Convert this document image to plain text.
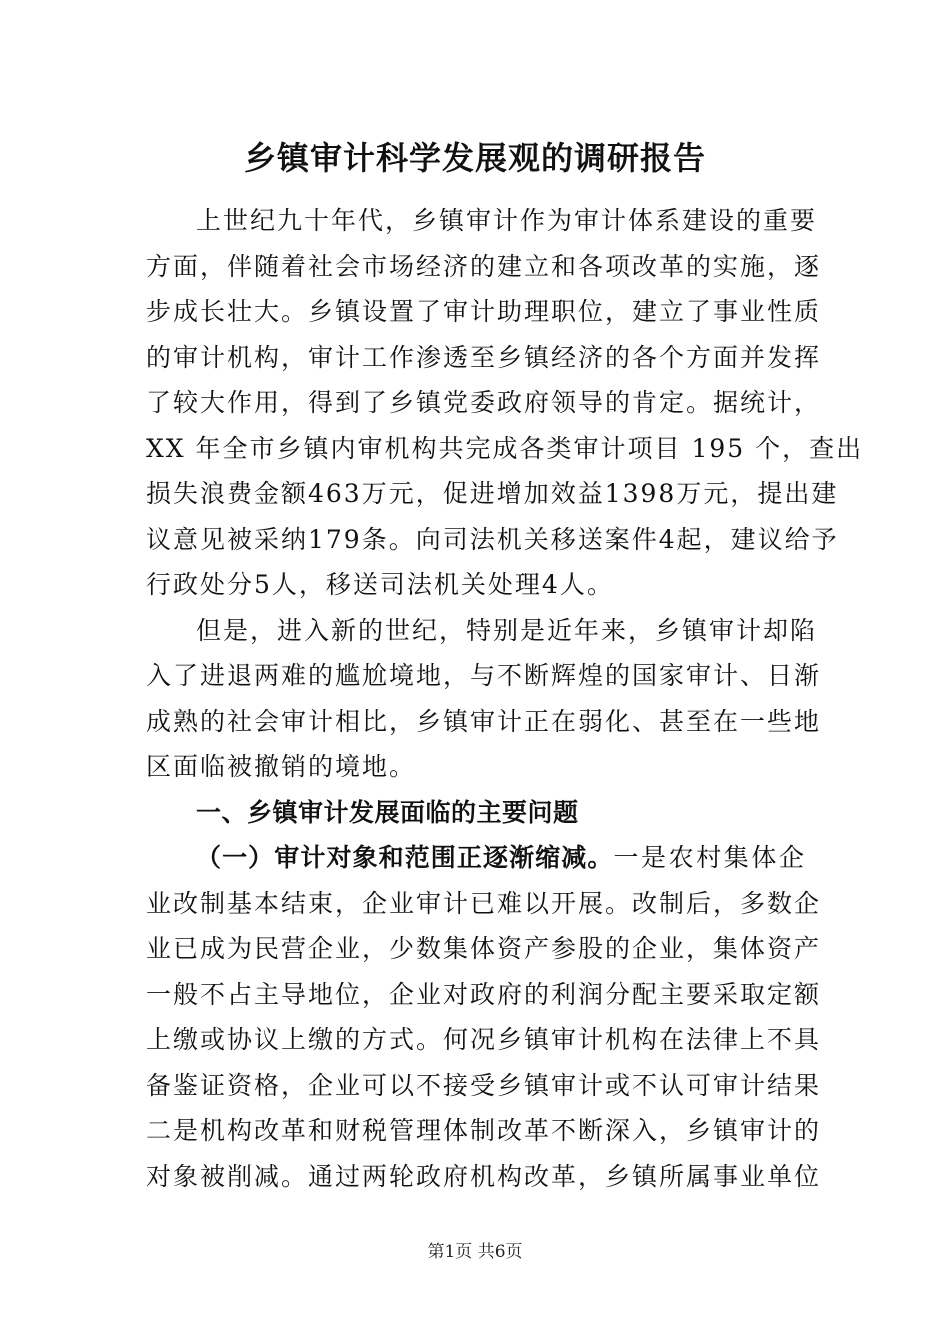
乡镇审计科学发展观的调研报告
上世纪九十年代，乡镇审计作为审计体系建设的重要
方面，伴随着社会市场经济的建立和各项改革的实施，逐
步成长壮大。乡镇设置了审计助理职位，建立了事业性质
的审计机构，审计工作渗透至乡镇经济的各个方面并发挥
了较大作用，得到了乡镇党委政府领导的肯定。据统计，
XX 年全市乡镇内审机构共完成各类审计项目 195 个，查出
损失浪费金额463万元，促进增加效益1398万元，提出建
议意见被采纳179条。向司法机关移送案件4起，建议给予
行政处分5人，移送司法机关处理4人。
但是，进入新的世纪，特别是近年来，乡镇审计却陷
入了进退两难的尴尬境地，与不断辉煌的国家审计、日渐
成熟的社会审计相比，乡镇审计正在弱化、甚至在一些地
区面临被撤销的境地。
一、乡镇审计发展面临的主要问题
（一）审计对象和范围正逐渐缩减。一是农村集体企
业改制基本结束，企业审计已难以开展。改制后，多数企
业已成为民营企业，少数集体资产参股的企业，集体资产
一般不占主导地位，企业对政府的利润分配主要采取定额
上缴或协议上缴的方式。何况乡镇审计机构在法律上不具
备鉴证资格，企业可以不接受乡镇审计或不认可审计结果
二是机构改革和财税管理体制改革不断深入，乡镇审计的
对象被削减。通过两轮政府机构改革，乡镇所属事业单位
第1页 共6页
